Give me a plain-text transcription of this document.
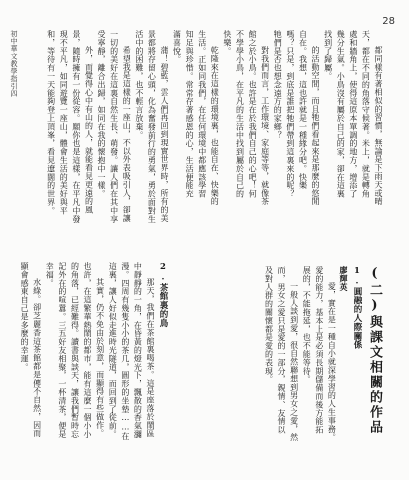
初中華文教學指引四
28

蒲！碧藍，雲人們再回到現實世界時，所有的美景都將存留心頭，化為奮發前行的勇氣，勇於面對生活中的困難，也不輕言放棄。

希望我是這樣的一座山，不以外表吸引人，卻讓一切的美好在這裏自然生長、萌發。讓人們在其中享受寧靜，離合出歸，如同在我的懷抱中一樣。

外，而覺得心中有山的人，就能看見更遠的風景，隨時擁有一份從容。願你也是這樣，在平凡中發現不平凡，如同遊覽一座山，體會生活的美好與平和，等待有一天能夠登上頂峯，看見遼闊的世界。

2.茶館裏的鳥

那天，我們在茶館裏喝茶。這是座落於鬧區中靜靜的一角，在昏黃的燈光下，飄散的香氣瀰漫。四周有幾隻小小的茶几，圓形的坐墊……在這裏，讓人好似走進時光隧道，而回到了從前。

其實，仍不免由於刻意，而顯得有些做作。也許，在這繁華熱鬧的都市，能有這麼一個小小的角落，已經難得。讀書與談天，讓我們暫時忘記外在的喧囂。三五好友相聚，一杯清茶，便是幸福。

水綠。卻芝麗香這茶館都是傳不自然，因而顯會感東自己是多麼的幸運。

都同樣有著相似的習慣，無論是下雨天或晴天，都在不同的角落守候著。米上，就是轉角處和牆角上，使得這原本單調的地方，增添了幾分生氣。小鳥沒有屬於自己的家，卻在這裏找到了歸屬。

的活動空間，而且牠們看起來是那麼的悠閒自在。我想，這也許就是一種緣分吧。快樂嗎？只是，到底是誰把牠們帶到這裏來的呢？牠們是否也想念遠方的家鄉？

對我們而言，工作環境、家庭等等，就像茶館之於小鳥。也許是在於我們自己的心吧！何不學學小鳥，在平凡的生活中找到屬於自己的快樂。

乾隆來在這樣的環境裏，也能自在、快樂的生活。正如同我們，在任何環境中都應該學習知足與珍惜。常常存著感恩的心，生活便能充滿喜悅。

(二)與課文相關的作品
1.圓融的人際關係
廖輝英

愛，實在是一種自小就深學習的人生事務。愛的能力，基本上是必須長期儲備而後方能拓展的，不能拖延，也不能等待。

一般人談到愛，很自然聯想到男女之愛，然而，男女之愛只是愛的一部分，親情、友情以及對人群的關懷都是愛的表現。
